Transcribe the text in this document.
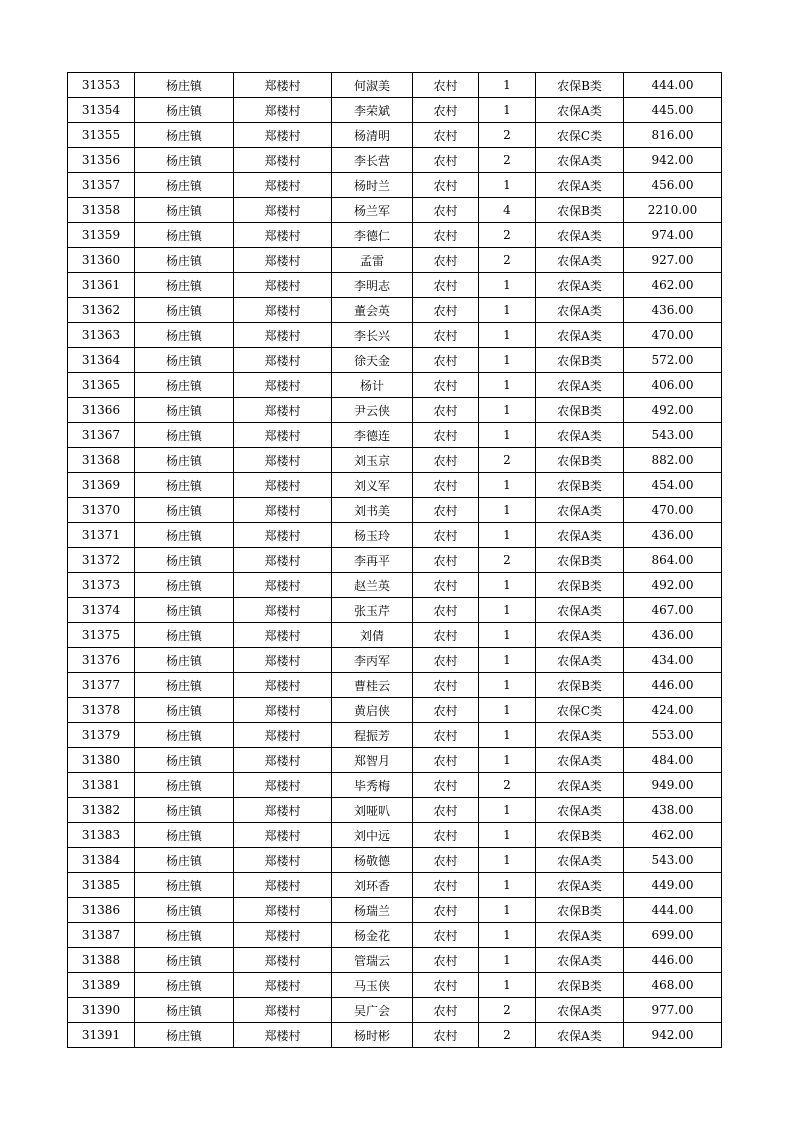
31353	杨庄镇	郑楼村	何淑美	农村	1	农保B类	444.00
31354	杨庄镇	郑楼村	李荣斌	农村	1	农保A类	445.00
31355	杨庄镇	郑楼村	杨清明	农村	2	农保C类	816.00
31356	杨庄镇	郑楼村	李长营	农村	2	农保A类	942.00
31357	杨庄镇	郑楼村	杨时兰	农村	1	农保A类	456.00
31358	杨庄镇	郑楼村	杨兰军	农村	4	农保B类	2210.00
31359	杨庄镇	郑楼村	李德仁	农村	2	农保A类	974.00
31360	杨庄镇	郑楼村	孟雷	农村	2	农保A类	927.00
31361	杨庄镇	郑楼村	李明志	农村	1	农保A类	462.00
31362	杨庄镇	郑楼村	董会英	农村	1	农保A类	436.00
31363	杨庄镇	郑楼村	李长兴	农村	1	农保A类	470.00
31364	杨庄镇	郑楼村	徐天金	农村	1	农保B类	572.00
31365	杨庄镇	郑楼村	杨计	农村	1	农保A类	406.00
31366	杨庄镇	郑楼村	尹云侠	农村	1	农保B类	492.00
31367	杨庄镇	郑楼村	李德连	农村	1	农保A类	543.00
31368	杨庄镇	郑楼村	刘玉京	农村	2	农保B类	882.00
31369	杨庄镇	郑楼村	刘义军	农村	1	农保B类	454.00
31370	杨庄镇	郑楼村	刘书美	农村	1	农保A类	470.00
31371	杨庄镇	郑楼村	杨玉玲	农村	1	农保A类	436.00
31372	杨庄镇	郑楼村	李再平	农村	2	农保B类	864.00
31373	杨庄镇	郑楼村	赵兰英	农村	1	农保B类	492.00
31374	杨庄镇	郑楼村	张玉芹	农村	1	农保A类	467.00
31375	杨庄镇	郑楼村	刘倩	农村	1	农保A类	436.00
31376	杨庄镇	郑楼村	李丙军	农村	1	农保A类	434.00
31377	杨庄镇	郑楼村	曹桂云	农村	1	农保B类	446.00
31378	杨庄镇	郑楼村	黄启侠	农村	1	农保C类	424.00
31379	杨庄镇	郑楼村	程振芳	农村	1	农保A类	553.00
31380	杨庄镇	郑楼村	郑智月	农村	1	农保A类	484.00
31381	杨庄镇	郑楼村	毕秀梅	农村	2	农保A类	949.00
31382	杨庄镇	郑楼村	刘哑叭	农村	1	农保A类	438.00
31383	杨庄镇	郑楼村	刘中远	农村	1	农保B类	462.00
31384	杨庄镇	郑楼村	杨敬德	农村	1	农保A类	543.00
31385	杨庄镇	郑楼村	刘环香	农村	1	农保A类	449.00
31386	杨庄镇	郑楼村	杨瑞兰	农村	1	农保B类	444.00
31387	杨庄镇	郑楼村	杨金花	农村	1	农保A类	699.00
31388	杨庄镇	郑楼村	管瑞云	农村	1	农保A类	446.00
31389	杨庄镇	郑楼村	马玉侠	农村	1	农保B类	468.00
31390	杨庄镇	郑楼村	吴广会	农村	2	农保A类	977.00
31391	杨庄镇	郑楼村	杨时彬	农村	2	农保A类	942.00
